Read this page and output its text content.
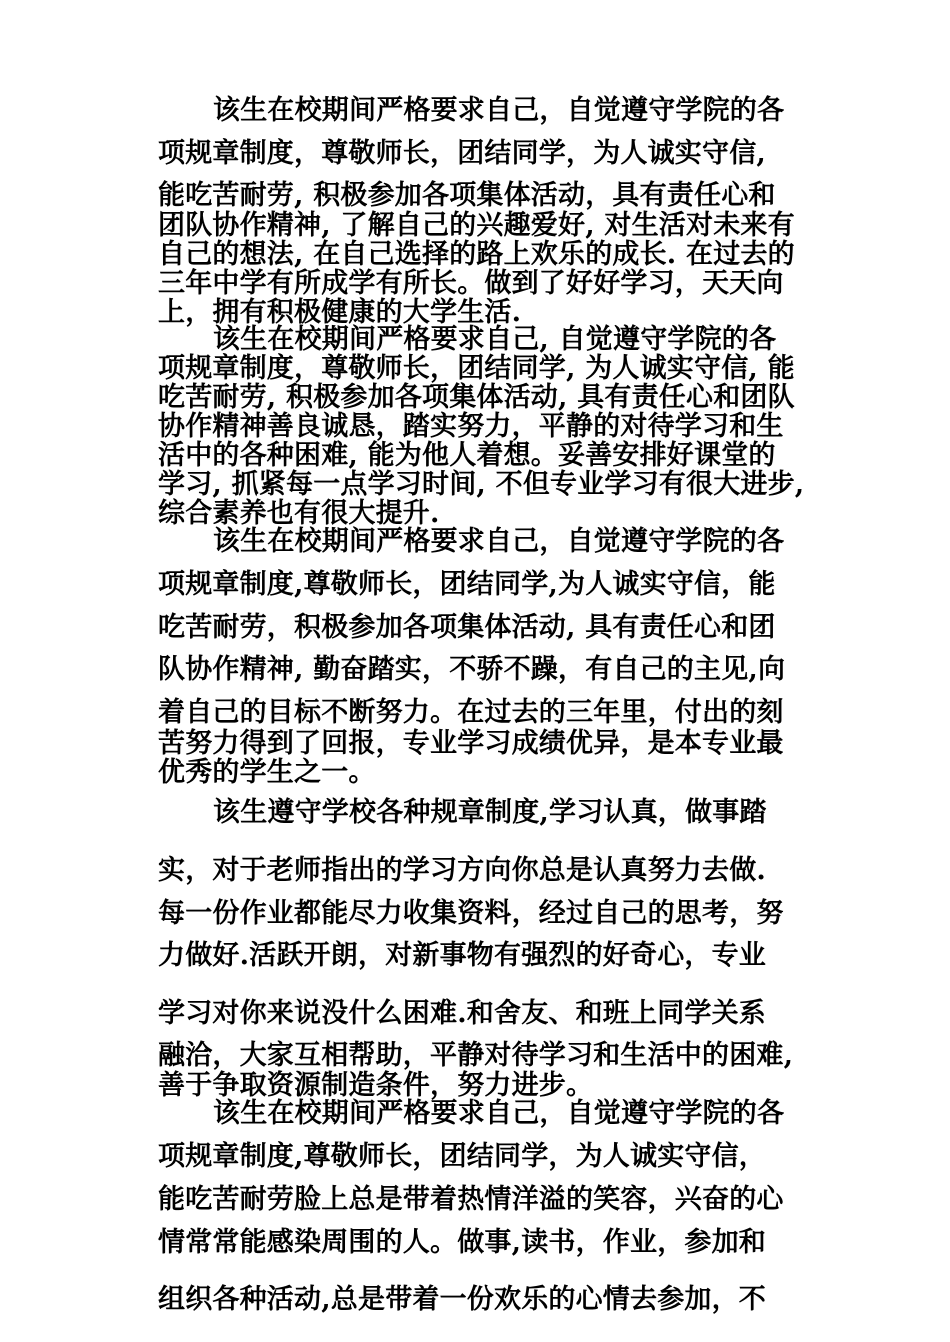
该生在校期间严格要求自己，自觉遵守学院的各
项规章制度，尊敬师长，团结同学，为人诚实守信,
能吃苦耐劳, 积极参加各项集体活动，具有责任心和
团队协作精神, 了解自己的兴趣爱好, 对生活对未来有
自己的想法, 在自己选择的路上欢乐的成长. 在过去的
三年中学有所成学有所长。做到了好好学习，天天向
上，拥有积极健康的大学生活.
该生在校期间严格要求自己, 自觉遵守学院的各
项规章制度，尊敬师长，团结同学, 为人诚实守信, 能
吃苦耐劳, 积极参加各项集体活动, 具有责任心和团队
协作精神善良诚恳，踏实努力，平静的对待学习和生
活中的各种困难, 能为他人着想。妥善安排好课堂的
学习, 抓紧每一点学习时间, 不但专业学习有很大进步,
综合素养也有很大提升.
该生在校期间严格要求自己，自觉遵守学院的各
项规章制度,尊敬师长，团结同学,为人诚实守信，能
吃苦耐劳，积极参加各项集体活动, 具有责任心和团
队协作精神, 勤奋踏实，不骄不躁，有自己的主见,向
着自己的目标不断努力。在过去的三年里，付出的刻
苦努力得到了回报，专业学习成绩优异，是本专业最
优秀的学生之一。
该生遵守学校各种规章制度,学习认真，做事踏
实，对于老师指出的学习方向你总是认真努力去做.
每一份作业都能尽力收集资料，经过自己的思考，努
力做好.活跃开朗，对新事物有强烈的好奇心，专业
学习对你来说没什么困难.和舍友、和班上同学关系
融洽，大家互相帮助，平静对待学习和生活中的困难,
善于争取资源制造条件，努力进步。
该生在校期间严格要求自己，自觉遵守学院的各
项规章制度,尊敬师长，团结同学，为人诚实守信，
能吃苦耐劳脸上总是带着热情洋溢的笑容，兴奋的心
情常常能感染周围的人。做事,读书，作业，参加和
组织各种活动,总是带着一份欢乐的心情去参加，不
